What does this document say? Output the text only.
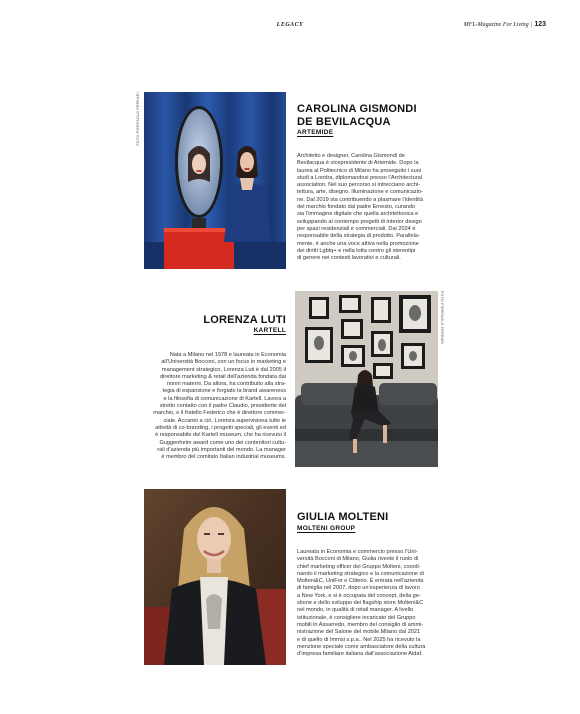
LEGACY	MFL-Magazine For Living | 123
FOTO PIERPAOLO FERRARI	CAROLINA GISMONDI
DE BEVILACQUA
ARTEMIDE
Architetto e designer, Carolina Gismondi de
Bevilacqua è vicepresidente di Artemide. Dopo la
laurea al Politecnico di Milano ha proseguito i suoi
studi a Londra, diplomandosi presso l’Architectural
association. Nel suo percorso si intrecciano archi-
tettura, arte, disegno, illuminazione e comunicazio-
ne. Dal 2019 sta contribuendo a plasmare l’identità
del marchio fondato dal padre Ernesto, curando
sia l’immagine digitale che quella architettonica e
sviluppando al contempo progetti di interior design
per spazi residenziali e commerciali. Dal 2024 è
responsabile della strategia di prodotto. Parallela-
mente, è anche una voce attiva nella promozione
dei diritti Lgbtq+ e nella lotta contro gli stereotipi
di genere nei contesti lavorativi e culturali.
LORENZA LUTI
KARTELL
Nata a Milano nel 1978 e laureata in Economia
all’Università Bocconi, con un focus in marketing e
management strategico, Lorenza Luti è dal 2005 il
direttore marketing & retail dell’azienda fondata dai
nonni materni. Da allora, ha contribuito alla stra-
tegia di espansione e forgiato la brand awareness
e la filosofia di comunicazione di Kartell. Lavora a
stretto contatto con il padre Claudio, presidente del
marchio, e il fratello Federico che è direttore commer-
ciale. Accanto a ciò, Lorenza supervisiona tutte le
attività di co-branding, i progetti speciali, gli eventi ed
è responsabile del Kartell museum, che ha ricevuto il
Guggenheim award come uno dei contenitori cultu-
rali d’azienda più importanti del mondo. La manager
è membro del comitato Italian industrial museums.
FOTO PIERPAOLO FERRARI
GIULIA MOLTENI
MOLTENI GROUP
Laureata in Economia e commercio presso l’Uni-
versità Bocconi di Milano, Giulia riveste il ruolo di
chief marketing officer del Gruppo Molteni, coordi-
nando il marketing strategico e la comunicazione di
Molteni&C, UniFor e Citterio. È entrata nell’azienda
di famiglia nel 2007, dopo un’esperienza di lavoro
a New York, e si è occupata del concept, della ge-
stione e dello sviluppo dei flagship store Molteni&C
nel mondo, in qualità di retail manager. A livello
istituzionale, è consigliere incaricato del Gruppo
mobili in Assarredo, membro del consiglio di ammi-
nistrazione del Salone del mobile.Milano dal 2021
e di quello di Immsi s.p.a.. Nel 2025 ha ricevuto la
menzione speciale come ambasciatore della cultura
d’impresa familiare italiana dall’associazione Aidaf.
